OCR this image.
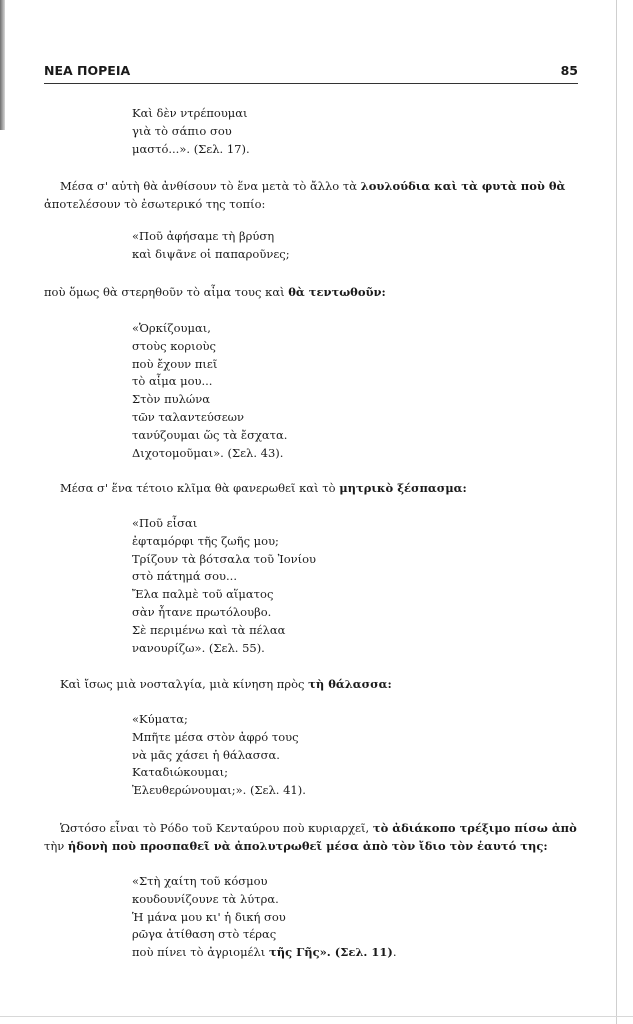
ΝΕΑ ΠΟΡΕΙΑ	85
Καὶ δὲν ντρέπουμαι
γιὰ τὸ σάπιο σου
μαστό...». (Σελ. 17).
Μέσα σ' αὐτὴ θὰ ἀνθίσουν τὸ ἕνα μετὰ τὸ ἄλλο τὰ λουλούδια καὶ τὰ φυτὰ ποὺ θὰ
ἀποτελέσουν τὸ ἐσωτερικό της τοπίο:
«Ποῦ ἀφήσαμε τὴ βρύση
καὶ διψᾶνε οἱ παπαροῦνες;
ποὺ ὅμως θὰ στερηθοῦν τὸ αἷμα τους καὶ θὰ τεντωθοῦν:
«Ὁρκίζουμαι,
στοὺς κοριοὺς
ποὺ ἔχουν πιεῖ
τὸ αἷμα μου...
Στὸν πυλώνα
τῶν ταλαντεύσεων
τανύζουμαι ὥς τὰ ἔσχατα.
Διχοτομοῦμαι». (Σελ. 43).
Μέσα σ' ἕνα τέτοιο κλῖμα θὰ φανερωθεῖ καὶ τὸ μητρικὸ ξέσπασμα:
«Ποῦ εἶσαι
ἐφταμόρφι τῆς ζωῆς μου;
Τρίζουν τὰ βότσαλα τοῦ Ἰονίου
στὸ πάτημά σου...
Ἔλα παλμὲ τοῦ αἵματος
σὰν ἦτανε πρωτόλουβο.
Σὲ περιμένω καὶ τὰ πέλαα
νανουρίζω». (Σελ. 55).
Καὶ ἴσως μιὰ νοσταλγία, μιὰ κίνηση πρὸς τὴ θάλασσα:
«Κύματα;
Μπῆτε μέσα στὸν ἀφρό τους
νὰ μᾶς χάσει ἡ θάλασσα.
Καταδιώκουμαι;
Ἐλευθερώνουμαι;». (Σελ. 41).
Ὡστόσο εἶναι τὸ Ρόδο τοῦ Κενταύρου ποὺ κυριαρχεῖ, τὸ ἀδιάκοπο τρέξιμο πίσω ἀπὸ
τὴν ἡδονὴ ποὺ προσπαθεῖ νὰ ἀπολυτρωθεῖ μέσα ἀπὸ τὸν ἴδιο τὸν ἑαυτό της:
«Στὴ χαίτη τοῦ κόσμου
κουδουνίζουνε τὰ λύτρα.
Ἡ μάνα μου κι' ἡ δική σου
ρῶγα ἀτίθαση στὸ τέρας
ποὺ πίνει τὸ ἀγριομέλι τῆς Γῆς». (Σελ. 11).
